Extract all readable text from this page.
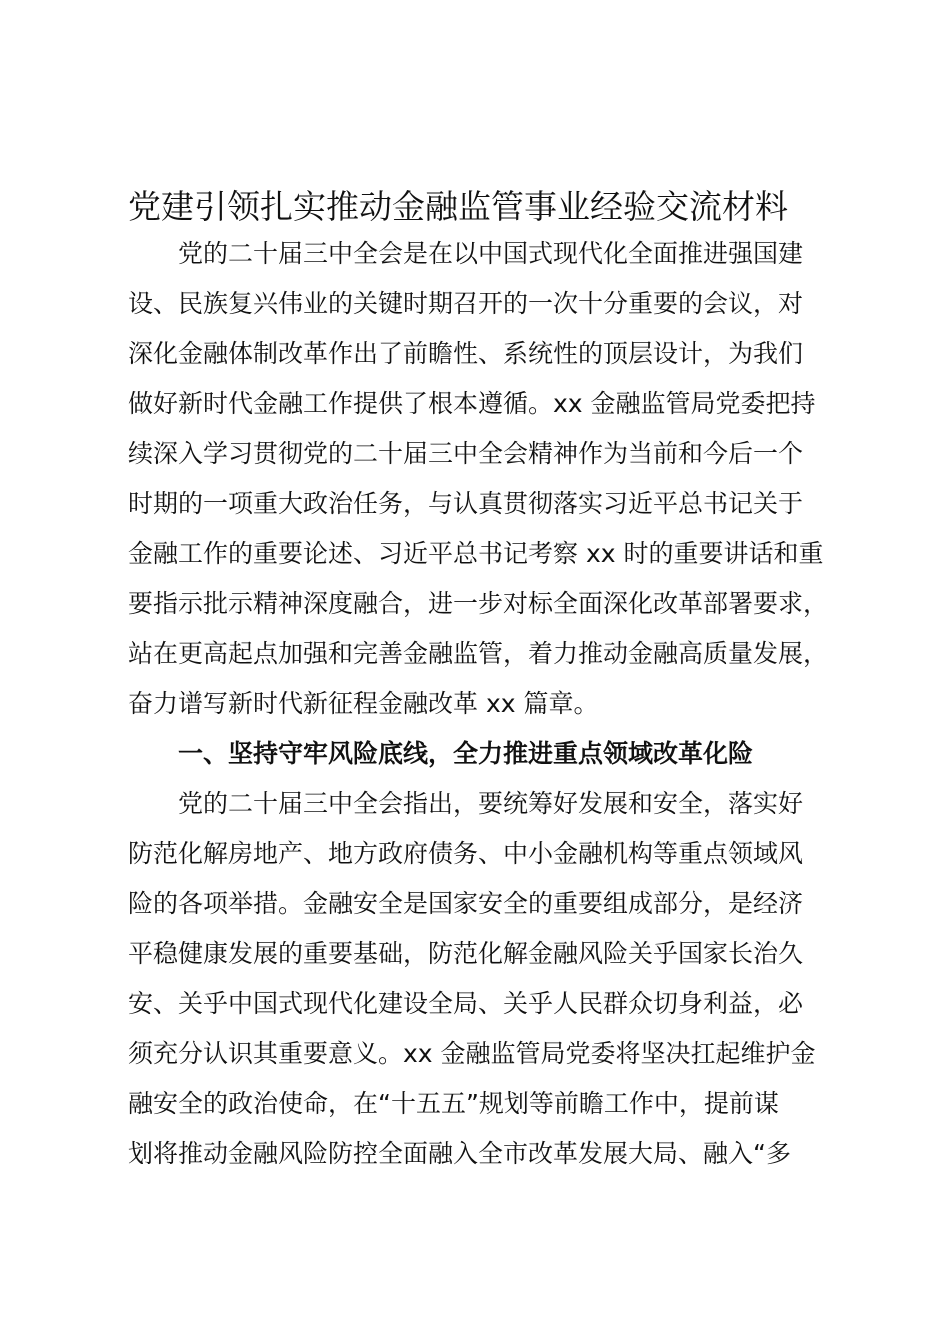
党建引领扎实推动金融监管事业经验交流材料

党的二十届三中全会是在以中国式现代化全面推进强国建

设、民族复兴伟业的关键时期召开的一次十分重要的会议，对

深化金融体制改革作出了前瞻性、系统性的顶层设计，为我们

做好新时代金融工作提供了根本遵循。xx 金融监管局党委把持

续深入学习贯彻党的二十届三中全会精神作为当前和今后一个

时期的一项重大政治任务，与认真贯彻落实习近平总书记关于

金融工作的重要论述、习近平总书记考察 xx 时的重要讲话和重

要指示批示精神深度融合，进一步对标全面深化改革部署要求，

站在更高起点加强和完善金融监管，着力推动金融高质量发展，

奋力谱写新时代新征程金融改革 xx 篇章。

一、坚持守牢风险底线，全力推进重点领域改革化险

党的二十届三中全会指出，要统筹好发展和安全，落实好

防范化解房地产、地方政府债务、中小金融机构等重点领域风

险的各项举措。金融安全是国家安全的重要组成部分，是经济

平稳健康发展的重要基础，防范化解金融风险关乎国家长治久

安、关乎中国式现代化建设全局、关乎人民群众切身利益，必

须充分认识其重要意义。xx 金融监管局党委将坚决扛起维护金

融安全的政治使命，在“十五五”规划等前瞻工作中，提前谋

划将推动金融风险防控全面融入全市改革发展大局、融入“多
